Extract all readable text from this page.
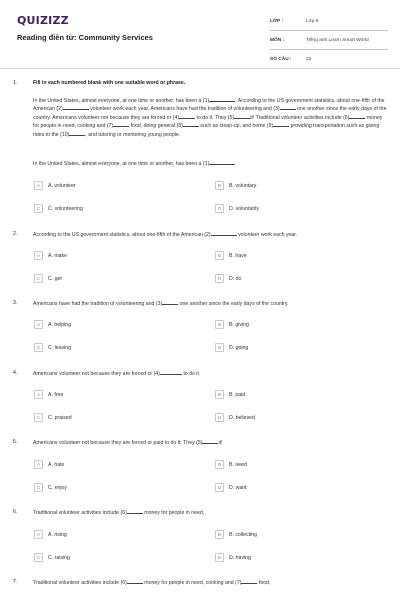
QUIZIZZ
Reading điền từ: Community Services
LỚP :	Lớp 6
MÔN :	Tiếng anh Learn Smart World
SỐ CÂU :	22
1.	Fill in each numbered blank with one suitable word or phrase.
In the United States, almost everyone, at one time or another, has been a (1)	. According to the US government statistics, about one-fifth of the American (2)	volunteer work each year. Americans have had the tradition of volunteering and (3)	one another since the early days of the country. Americans volunteer not because they are forced or (4)	to do it. They (5)	it! Traditional volunteer activities include (6)	money for people in need, cooking and (7)	food, doing general (8)	such as clean-up, and home (9)	providing transportation such as giving rides to the (10)	, and tutoring or mentoring young people.
In the United States, almost everyone, at one time or another, has been a (1)
A	A. volunteer	B	B. voluntary
C	C. volunteering	D	D. voluntarily
2.	According to the US government statistics, about one-fifth of the American (2)	volunteer work each year.
A	A. make	B	B. have
C	C. get	D	D. do
3.	Americans have had the tradition of volunteering and (3)	one another since the early days of the country.
A	A. helping	B	B. giving
C	C. leaving	D	D. going
4.	Americans volunteer not because they are forced or (4)	to do it.
A	A. free	B	B. paid
C	C. praised	D	D. believed
5.	Americans volunteer not because they are forced or paid to do it. They (5)	it!
A	A. hate	B	B. need
C	C. enjoy	D	D. want
6.	Traditional volunteer activities include (6)	money for people in need,
A	A. rising	B	B. collecting
C	C. raising	D	D. having
7.	Traditional volunteer activities include (6)	money for people in need, cooking and (7)	food,
